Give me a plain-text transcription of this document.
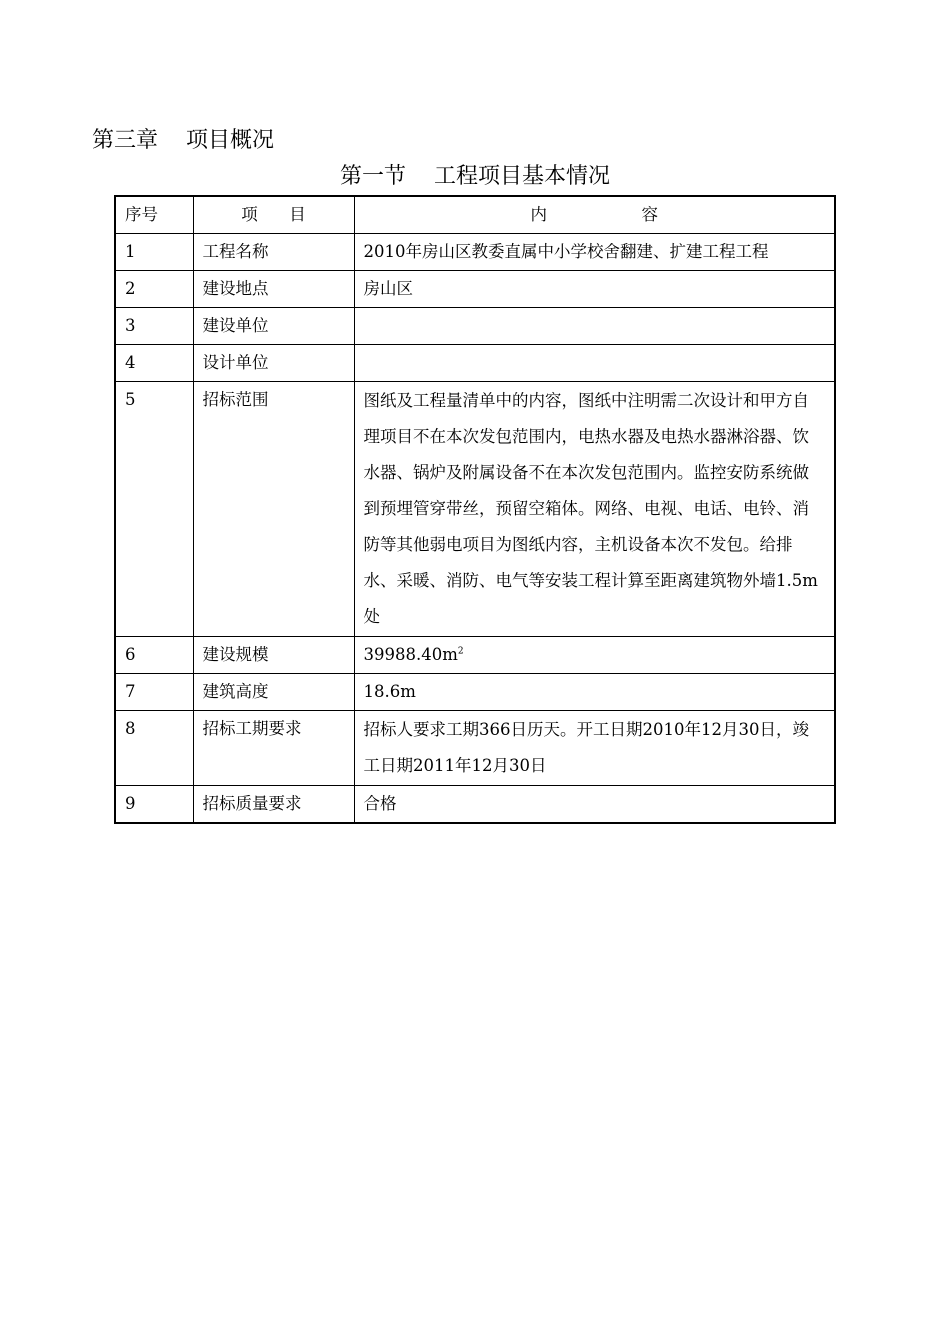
第三章    项目概况
第一节    工程项目基本情况
序号	项      目	内                  容
1	工程名称	2010年房山区教委直属中小学校舍翻建、扩建工程工程
2	建设地点	房山区
3	建设单位	
4	设计单位	
5	招标范围	图纸及工程量清单中的内容，图纸中注明需二次设计和甲方自理项目不在本次发包范围内，电热水器及电热水器淋浴器、饮水器、锅炉及附属设备不在本次发包范围内。监控安防系统做到预埋管穿带丝，预留空箱体。网络、电视、电话、电铃、消防等其他弱电项目为图纸内容，主机设备本次不发包。给排水、采暖、消防、电气等安装工程计算至距离建筑物外墙1.5m处
6	建设规模	$39988.40m^2$
7	建筑高度	18.6m
8	招标工期要求	招标人要求工期366日历天。开工日期2010年12月30日，竣工日期2011年12月30日
9	招标质量要求	合格
